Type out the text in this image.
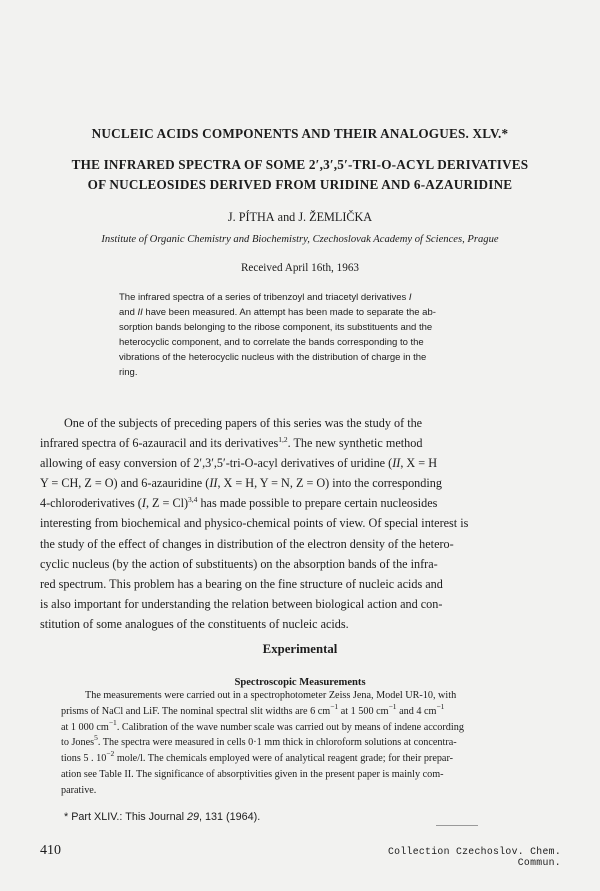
NUCLEIC ACIDS COMPONENTS AND THEIR ANALOGUES. XLV.*
THE INFRARED SPECTRA OF SOME 2′,3′,5′-TRI-O-ACYL DERIVATIVES
OF NUCLEOSIDES DERIVED FROM URIDINE AND 6-AZAURIDINE
J. PÍTHA and J. ŽEMLIČKA
Institute of Organic Chemistry and Biochemistry, Czechoslovak Academy of Sciences, Prague
Received April 16th, 1963
The infrared spectra of a series of tribenzoyl and triacetyl derivatives I
and II have been measured. An attempt has been made to separate the ab-
sorption bands belonging to the ribose component, its substituents and the
heterocyclic component, and to correlate the bands corresponding to the
vibrations of the heterocyclic nucleus with the distribution of charge in the
ring.
One of the subjects of preceding papers of this series was the study of the
infrared spectra of 6-azauracil and its derivatives$^{1,2}$. The new synthetic method
allowing of easy conversion of 2′,3′,5′-tri-O-acyl derivatives of uridine (II, X = H
Y = CH, Z = O) and 6-azauridine (II, X = H, Y = N, Z = O) into the corresponding
4-chloroderivatives (I, Z = Cl)$^{3,4}$ has made possible to prepare certain nucleosides
interesting from biochemical and physico-chemical points of view. Of special interest is
the study of the effect of changes in distribution of the electron density of the hetero-
cyclic nucleus (by the action of substituents) on the absorption bands of the infra-
red spectrum. This problem has a bearing on the fine structure of nucleic acids and
is also important for understanding the relation between biological action and con-
stitution of some analogues of the constituents of nucleic acids.
Experimental
Spectroscopic Measurements
The measurements were carried out in a spectrophotometer Zeiss Jena, Model UR-10, with
prisms of NaCl and LiF. The nominal spectral slit widths are 6 $cm^{-1}$ at 1 500 $cm^{-1}$ and 4 $cm^{-1}$
at 1 000 $cm^{-1}$. Calibration of the wave number scale was carried out by means of indene according
to Jones$^5$. The spectra were measured in cells 0·1 mm thick in chloroform solutions at concentra-
tions 5 . $10^{-2}$ mole/l. The chemicals employed were of analytical reagent grade; for their prepar-
ation see Table II. The significance of absorptivities given in the present paper is mainly com-
parative.
* Part XLIV.: This Journal 29, 131 (1964).
410	Collection Czechoslov. Chem. Commun.
